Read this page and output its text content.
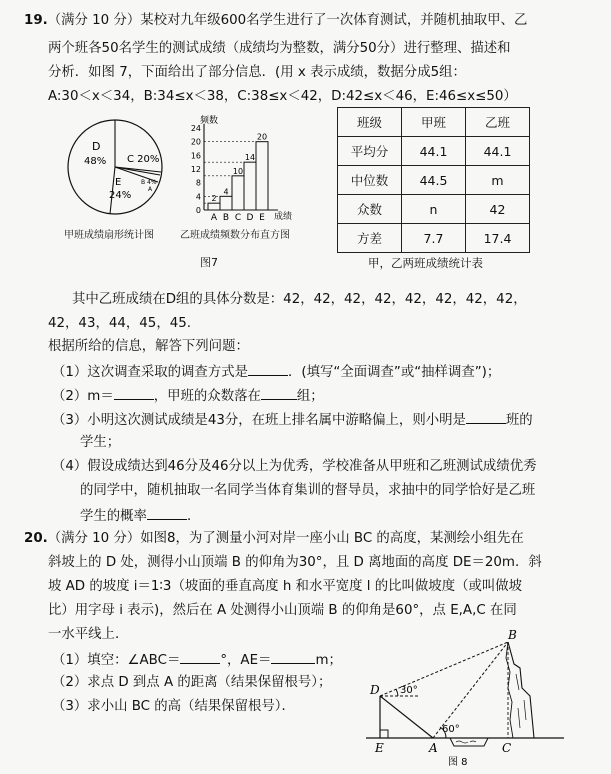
19.（满分 10 分）某校对九年级600名学生进行了一次体育测试，并随机抽取甲、乙
两个班各50名学生的测试成绩（成绩均为整数，满分50分）进行整理、描述和
分析．如图 7，下面给出了部分信息．(用 x 表示成绩，数据分成5组：
A:30＜x＜34，B:34≤x＜38，C:38≤x＜42，D:42≤x＜46，E:46≤x≤50）
D
48% C 20%
E
24%
B 4%
A
甲班成绩扇形统计图
频数
成绩
0
4
8
12
16
20
24
2
A
4
B
10
C
14
D
20
E
乙班成绩频数分布直方图
图7
班级	甲班	乙班
平均分	44.1	44.1
中位数	44.5	m
众数	n	42
方差	7.7	17.4
甲，乙两班成绩统计表
其中乙班成绩在D组的具体分数是：42，42，42，42，42，42，42，42，
42，43，44，45，45.
根据所给的信息，解答下列问题：
（1）这次调查采取的调查方式是	．(填写“全面调查”或“抽样调查”)；
（2）m＝	，甲班的众数落在	组；
（3）小明这次测试成绩是43分，在班上排名属中游略偏上，则小明是	班的
学生；
（4）假设成绩达到46分及46分以上为优秀，学校准备从甲班和乙班测试成绩优秀
的同学中，随机抽取一名同学当体育集训的督导员，求抽中的同学恰好是乙班
学生的概率	．
20.（满分 10 分）如图8，为了测量小河对岸一座小山 BC 的高度，某测绘小组先在
斜坡上的 D 处，测得小山顶端 B 的仰角为30°，且 D 离地面的高度 DE＝20m．斜
坡 AD 的坡度 i＝1∶3（坡面的垂直高度 h 和水平宽度 l 的比叫做坡度（或叫做坡
比）用字母 i 表示)，然后在 A 处测得小山顶端 B 的仰角是60°，点 E,A,C 在同
一水平线上．
（1）填空：∠ABC＝	°，AE＝	m；
（2）求点 D 到点 A 的距离（结果保留根号）；
（3）求小山 BC 的高（结果保留根号）．
B
D 30°
60°
E	A	C
图 8
